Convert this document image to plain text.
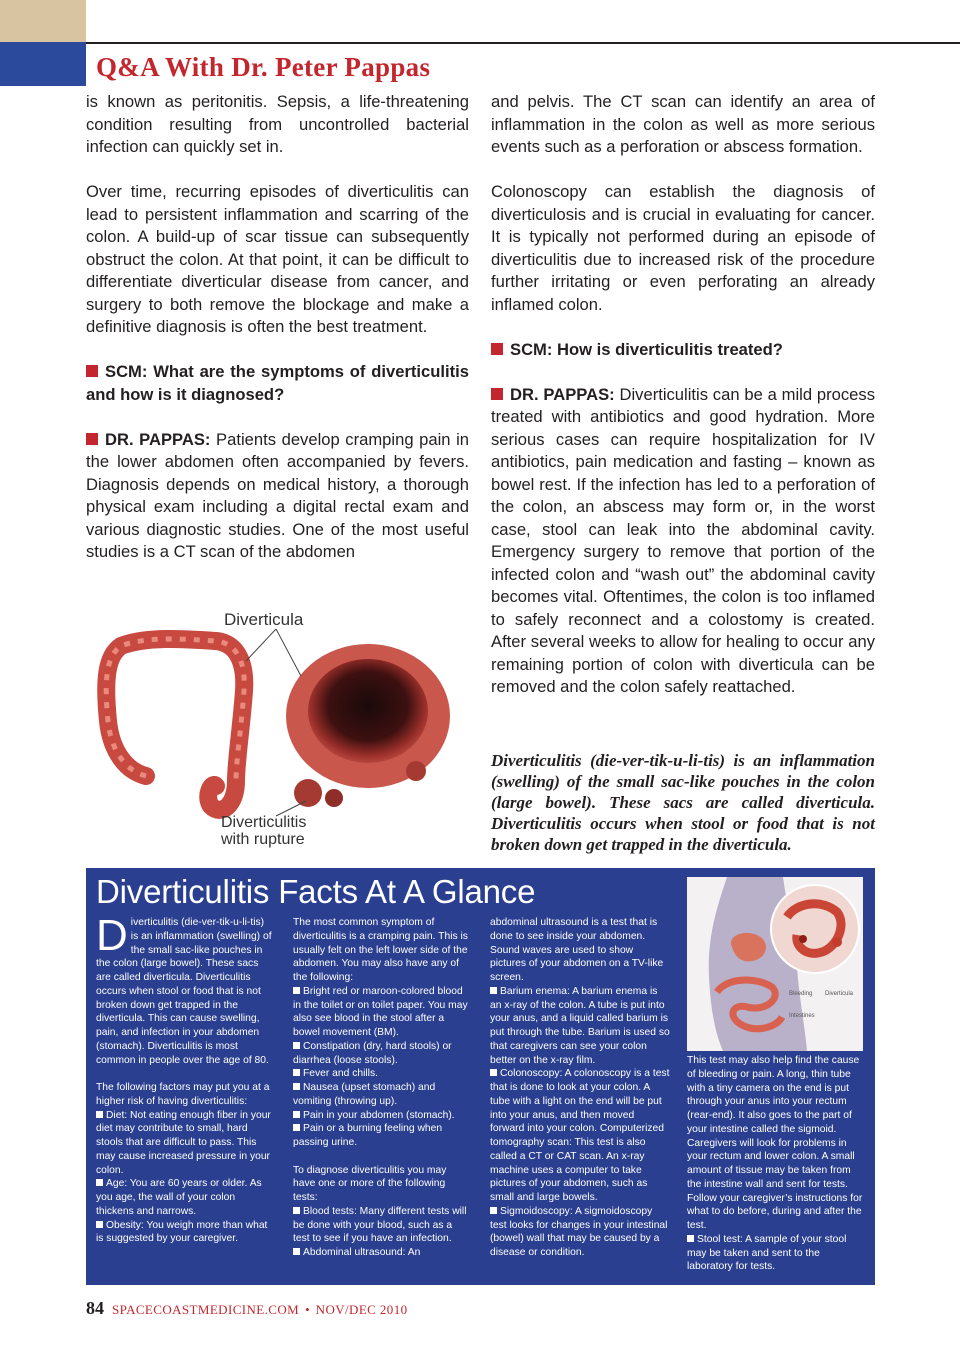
Q&A With Dr. Peter Pappas

is known as peritonitis. Sepsis, a life-threatening condition resulting from uncontrolled bacterial infection can quickly set in.

Over time, recurring episodes of diverticulitis can lead to persistent inflammation and scarring of the colon. A build-up of scar tissue can subsequently obstruct the colon. At that point, it can be difficult to differentiate diverticular disease from cancer, and surgery to both remove the blockage and make a definitive diagnosis is often the best treatment.

SCM: What are the symptoms of diverticulitis and how is it diagnosed?

DR. PAPPAS: Patients develop cramping pain in the lower abdomen often accompanied by fevers. Diagnosis depends on medical history, a thorough physical exam including a digital rectal exam and various diagnostic studies. One of the most useful studies is a CT scan of the abdomen

Diverticula
Diverticulitis
with rupture

and pelvis. The CT scan can identify an area of inflammation in the colon as well as more serious events such as a perforation or abscess formation.

Colonoscopy can establish the diagnosis of diverticulosis and is crucial in evaluating for cancer. It is typically not performed during an episode of diverticulitis due to increased risk of the procedure further irritating or even perforating an already inflamed colon.

SCM: How is diverticulitis treated?

DR. PAPPAS: Diverticulitis can be a mild process treated with antibiotics and good hydration. More serious cases can require hospitalization for IV antibiotics, pain medication and fasting – known as bowel rest. If the infection has led to a perforation of the colon, an abscess may form or, in the worst case, stool can leak into the abdominal cavity. Emergency surgery to remove that portion of the infected colon and “wash out” the abdominal cavity becomes vital. Oftentimes, the colon is too inflamed to safely reconnect and a colostomy is created. After several weeks to allow for healing to occur any remaining portion of colon with diverticula can be removed and the colon safely reattached.

Diverticulitis (die-ver-tik-u-li-tis) is an inflammation (swelling) of the small sac-like pouches in the colon (large bowel). These sacs are called diverticula. Diverticulitis occurs when stool or food that is not broken down get trapped in the diverticula.
Diverticulitis Facts At A Glance

Diverticulitis (die-ver-tik-u-li-tis) is an inflammation (swelling) of the small sac-like pouches in the colon (large bowel). These sacs are called diverticula. Diverticulitis occurs when stool or food that is not broken down get trapped in the diverticula. This can cause swelling, pain, and infection in your abdomen (stomach). Diverticulitis is most common in people over the age of 80.

The following factors may put you at a higher risk of having diverticulitis:

Diet: Not eating enough fiber in your diet may contribute to small, hard stools that are difficult to pass. This may cause increased pressure in your colon.
Age: You are 60 years or older. As you age, the wall of your colon thickens and narrows.
Obesity: You weigh more than what is suggested by your caregiver.

The most common symptom of diverticulitis is a cramping pain. This is usually felt on the left lower side of the abdomen. You may also have any of the following:

Bright red or maroon-colored blood in the toilet or on toilet paper. You may also see blood in the stool after a bowel movement (BM).
Constipation (dry, hard stools) or diarrhea (loose stools).
Fever and chills.
Nausea (upset stomach) and vomiting (throwing up).
Pain in your abdomen (stomach).
Pain or a burning feeling when passing urine.

To diagnose diverticulitis you may have one or more of the following tests:

Blood tests: Many different tests will be done with your blood, such as a test to see if you have an infection.
Abdominal ultrasound: An

abdominal ultrasound is a test that is done to see inside your abdomen. Sound waves are used to show pictures of your abdomen on a TV-like screen.

Barium enema: A barium enema is an x-ray of the colon. A tube is put into your anus, and a liquid called barium is put through the tube. Barium is used so that caregivers can see your colon better on the x-ray film.
Colonoscopy: A colonoscopy is a test that is done to look at your colon. A tube with a light on the end will be put into your anus, and then moved forward into your colon. Computerized tomography scan: This test is also called a CT or CAT scan. An x-ray machine uses a computer to take pictures of your abdomen, such as small and large bowels.
Sigmoidoscopy: A sigmoidoscopy test looks for changes in your intestinal (bowel) wall that may be caused by a disease or condition.
Bleeding Diverticula
Intestines

This test may also help find the cause of bleeding or pain. A long, thin tube with a tiny camera on the end is put through your anus into your rectum (rear-end). It also goes to the part of your intestine called the sigmoid. Caregivers will look for problems in your rectum and lower colon. A small amount of tissue may be taken from the intestine wall and sent for tests. Follow your caregiver’s instructions for what to do before, during and after the test.

Stool test: A sample of your stool may be taken and sent to the laboratory for tests.
84 SPACECOASTMEDICINE.COM • NOV/DEC 2010
